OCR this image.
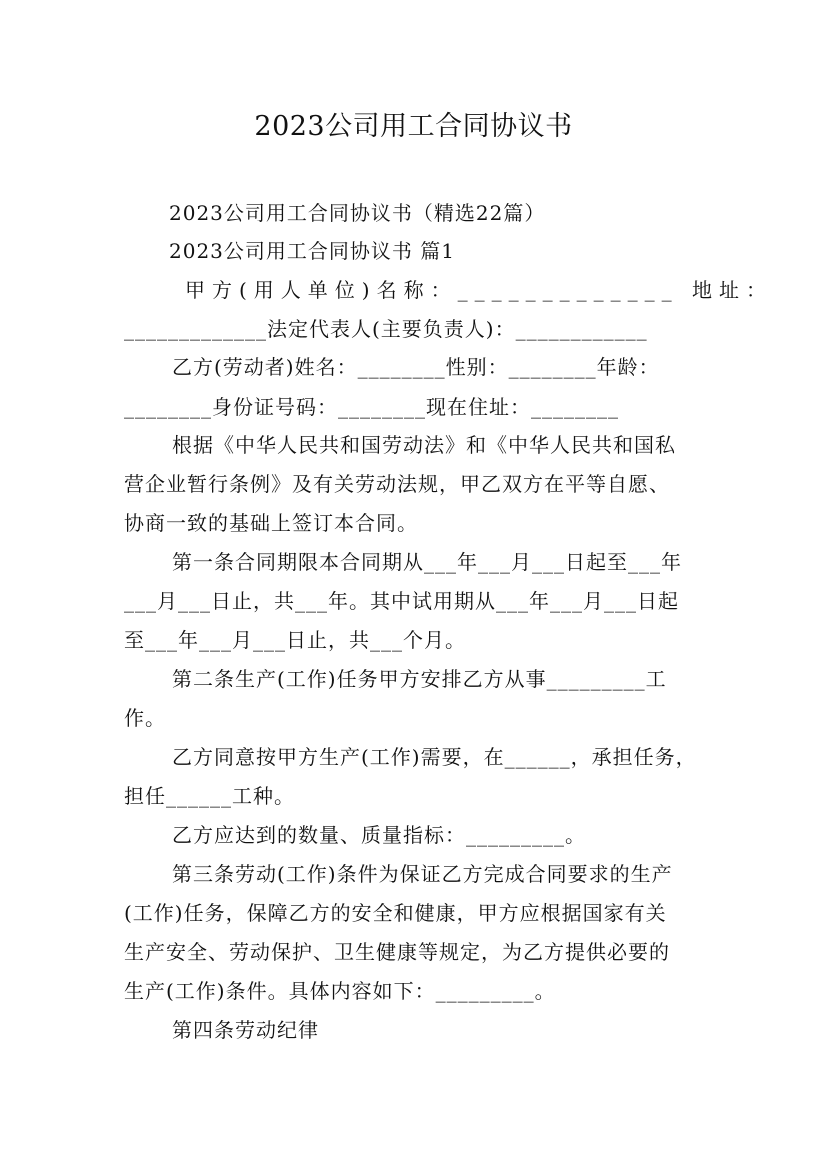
2023公司用工合同协议书
2023公司用工合同协议书（精选22篇）
2023公司用工合同协议书 篇1
甲方(用人单位)名称：_____________ 地址：
_____________法定代表人(主要负责人)：____________
乙方(劳动者)姓名：________性别：________年龄：
________身份证号码：________现在住址：________
根据《中华人民共和国劳动法》和《中华人民共和国私
营企业暂行条例》及有关劳动法规，甲乙双方在平等自愿、
协商一致的基础上签订本合同。
第一条合同期限本合同期从___年___月___日起至___年
___月___日止，共___年。其中试用期从___年___月___日起
至___年___月___日止，共___个月。
第二条生产(工作)任务甲方安排乙方从事_________工
作。
乙方同意按甲方生产(工作)需要，在______，承担任务，
担任______工种。
乙方应达到的数量、质量指标：_________。
第三条劳动(工作)条件为保证乙方完成合同要求的生产
(工作)任务，保障乙方的安全和健康，甲方应根据国家有关
生产安全、劳动保护、卫生健康等规定，为乙方提供必要的
生产(工作)条件。具体内容如下：_________。
第四条劳动纪律
